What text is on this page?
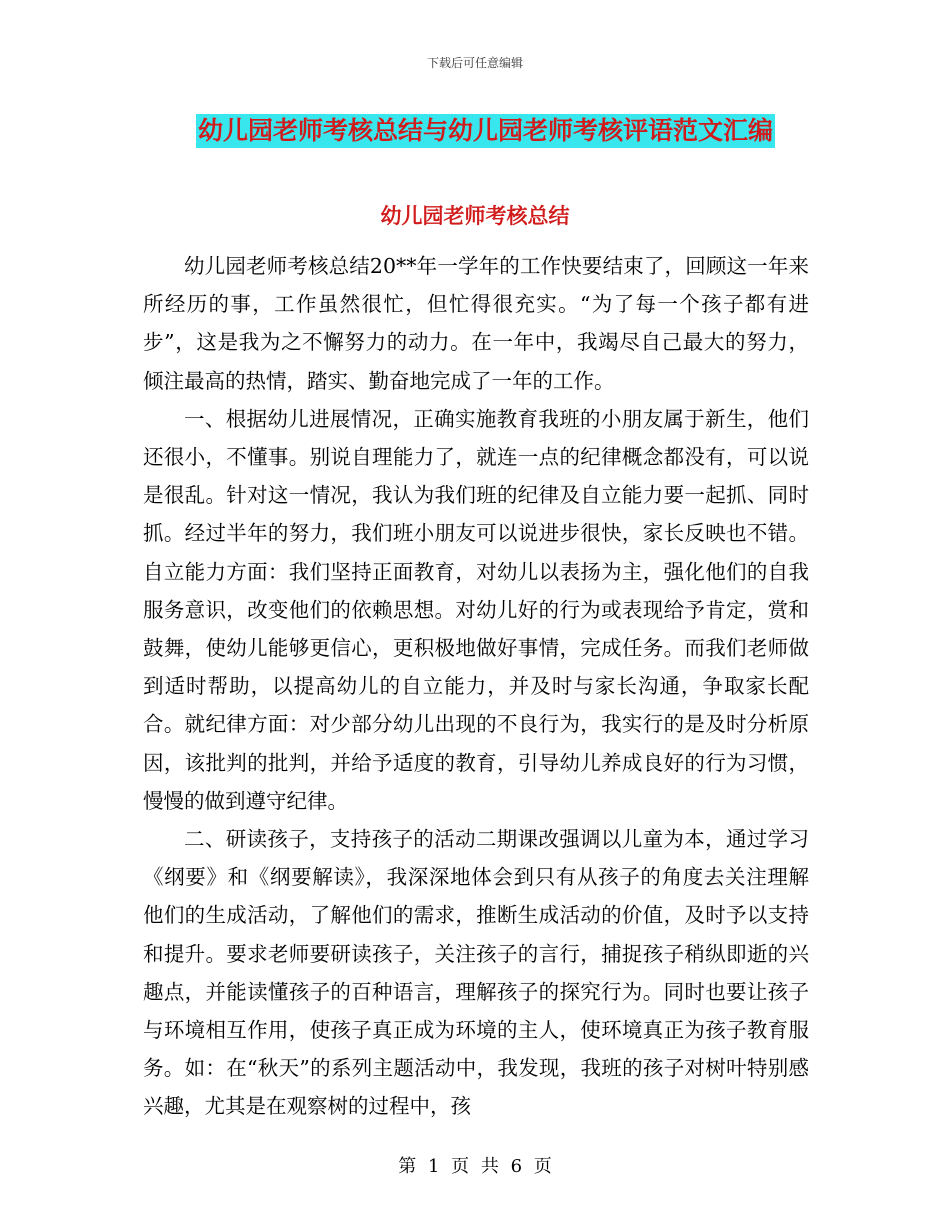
下载后可任意编辑
幼儿园老师考核总结与幼儿园老师考核评语范文汇编
幼儿园老师考核总结

幼儿园老师考核总结20**年一学年的工作快要结束了，回顾这一年来所经历的事，工作虽然很忙，但忙得很充实。“为了每一个孩子都有进步”，这是我为之不懈努力的动力。在一年中，我竭尽自己最大的努力，倾注最高的热情，踏实、勤奋地完成了一年的工作。

一、根据幼儿进展情况，正确实施教育我班的小朋友属于新生，他们还很小，不懂事。别说自理能力了，就连一点的纪律概念都没有，可以说是很乱。针对这一情况，我认为我们班的纪律及自立能力要一起抓、同时抓。经过半年的努力，我们班小朋友可以说进步很快，家长反映也不错。自立能力方面：我们坚持正面教育，对幼儿以表扬为主，强化他们的自我服务意识，改变他们的依赖思想。对幼儿好的行为或表现给予肯定，赏和鼓舞，使幼儿能够更信心，更积极地做好事情，完成任务。而我们老师做到适时帮助，以提高幼儿的自立能力，并及时与家长沟通，争取家长配合。就纪律方面：对少部分幼儿出现的不良行为，我实行的是及时分析原因，该批判的批判，并给予适度的教育，引导幼儿养成良好的行为习惯，慢慢的做到遵守纪律。

二、研读孩子，支持孩子的活动二期课改强调以儿童为本，通过学习《纲要》和《纲要解读》，我深深地体会到只有从孩子的角度去关注理解他们的生成活动，了解他们的需求，推断生成活动的价值，及时予以支持和提升。要求老师要研读孩子，关注孩子的言行，捕捉孩子稍纵即逝的兴趣点，并能读懂孩子的百种语言，理解孩子的探究行为。同时也要让孩子与环境相互作用，使孩子真正成为环境的主人，使环境真正为孩子教育服务。如：在“秋天”的系列主题活动中，我发现，我班的孩子对树叶特别感兴趣，尤其是在观察树的过程中，孩

第 1 页 共 6 页
